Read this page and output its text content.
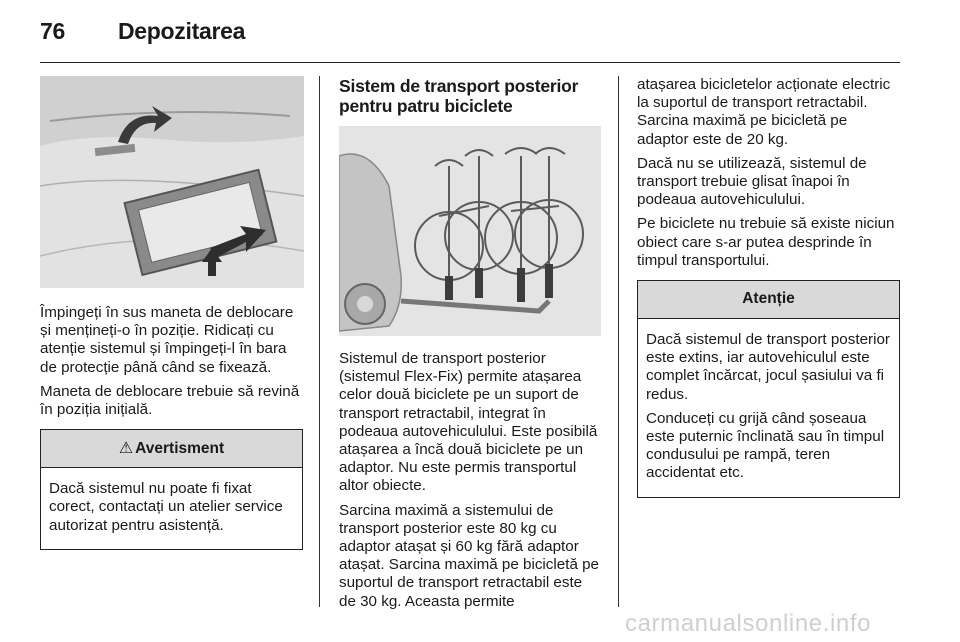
76 Depozitarea

Împingeți în sus maneta de deblocare și mențineți-o în poziție. Ridicați cu atenție sistemul și împingeți-l în bara de protecție până când se fixează.

Maneta de deblocare trebuie să revină în poziția inițială.

⚠ Avertisment

Dacă sistemul nu poate fi fixat corect, contactați un atelier service autorizat pentru asistență.

Sistem de transport posterior pentru patru biciclete

Sistemul de transport posterior (sistemul Flex-Fix) permite atașarea celor două biciclete pe un suport de transport retractabil, integrat în podeaua autovehiculului. Este posibilă atașarea a încă două biciclete pe un adaptor. Nu este permis transportul altor obiecte.

Sarcina maximă a sistemului de transport posterior este 80 kg cu adaptor atașat și 60 kg fără adaptor atașat. Sarcina maximă pe bicicletă pe suportul de transport retractabil este de 30 kg. Aceasta permite

atașarea bicicletelor acționate electric la suportul de transport retractabil. Sarcina maximă pe bicicletă pe adaptor este de 20 kg.

Dacă nu se utilizează, sistemul de transport trebuie glisat înapoi în podeaua autovehiculului.

Pe biciclete nu trebuie să existe niciun obiect care s-ar putea desprinde în timpul transportului.

Atenție

Dacă sistemul de transport posterior este extins, iar autovehiculul este complet încărcat, jocul șasiului va fi redus.

Conduceți cu grijă când șoseaua este puternic înclinată sau în timpul condusului pe rampă, teren accidentat etc.

carmanualsonline.info
